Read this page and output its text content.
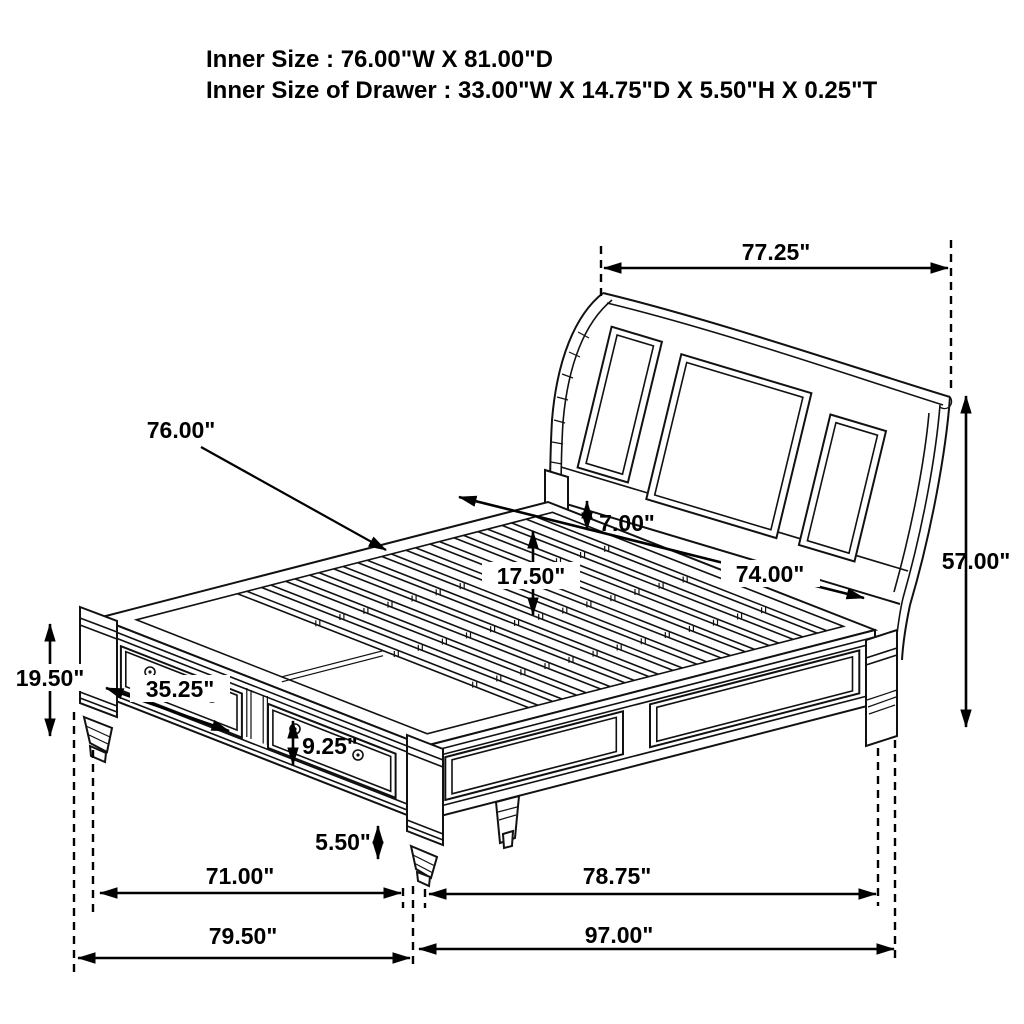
77.25"
57.00"
76.00"
7.00"
17.50"	74.00"
19.50"	35.25"
9.25"
5.50"
71.00"
79.50"
78.75"
97.00"
Inner Size : 76.00"W X 81.00"D
Inner Size of Drawer : 33.00"W X 14.75"D X 5.50"H X 0.25"T
